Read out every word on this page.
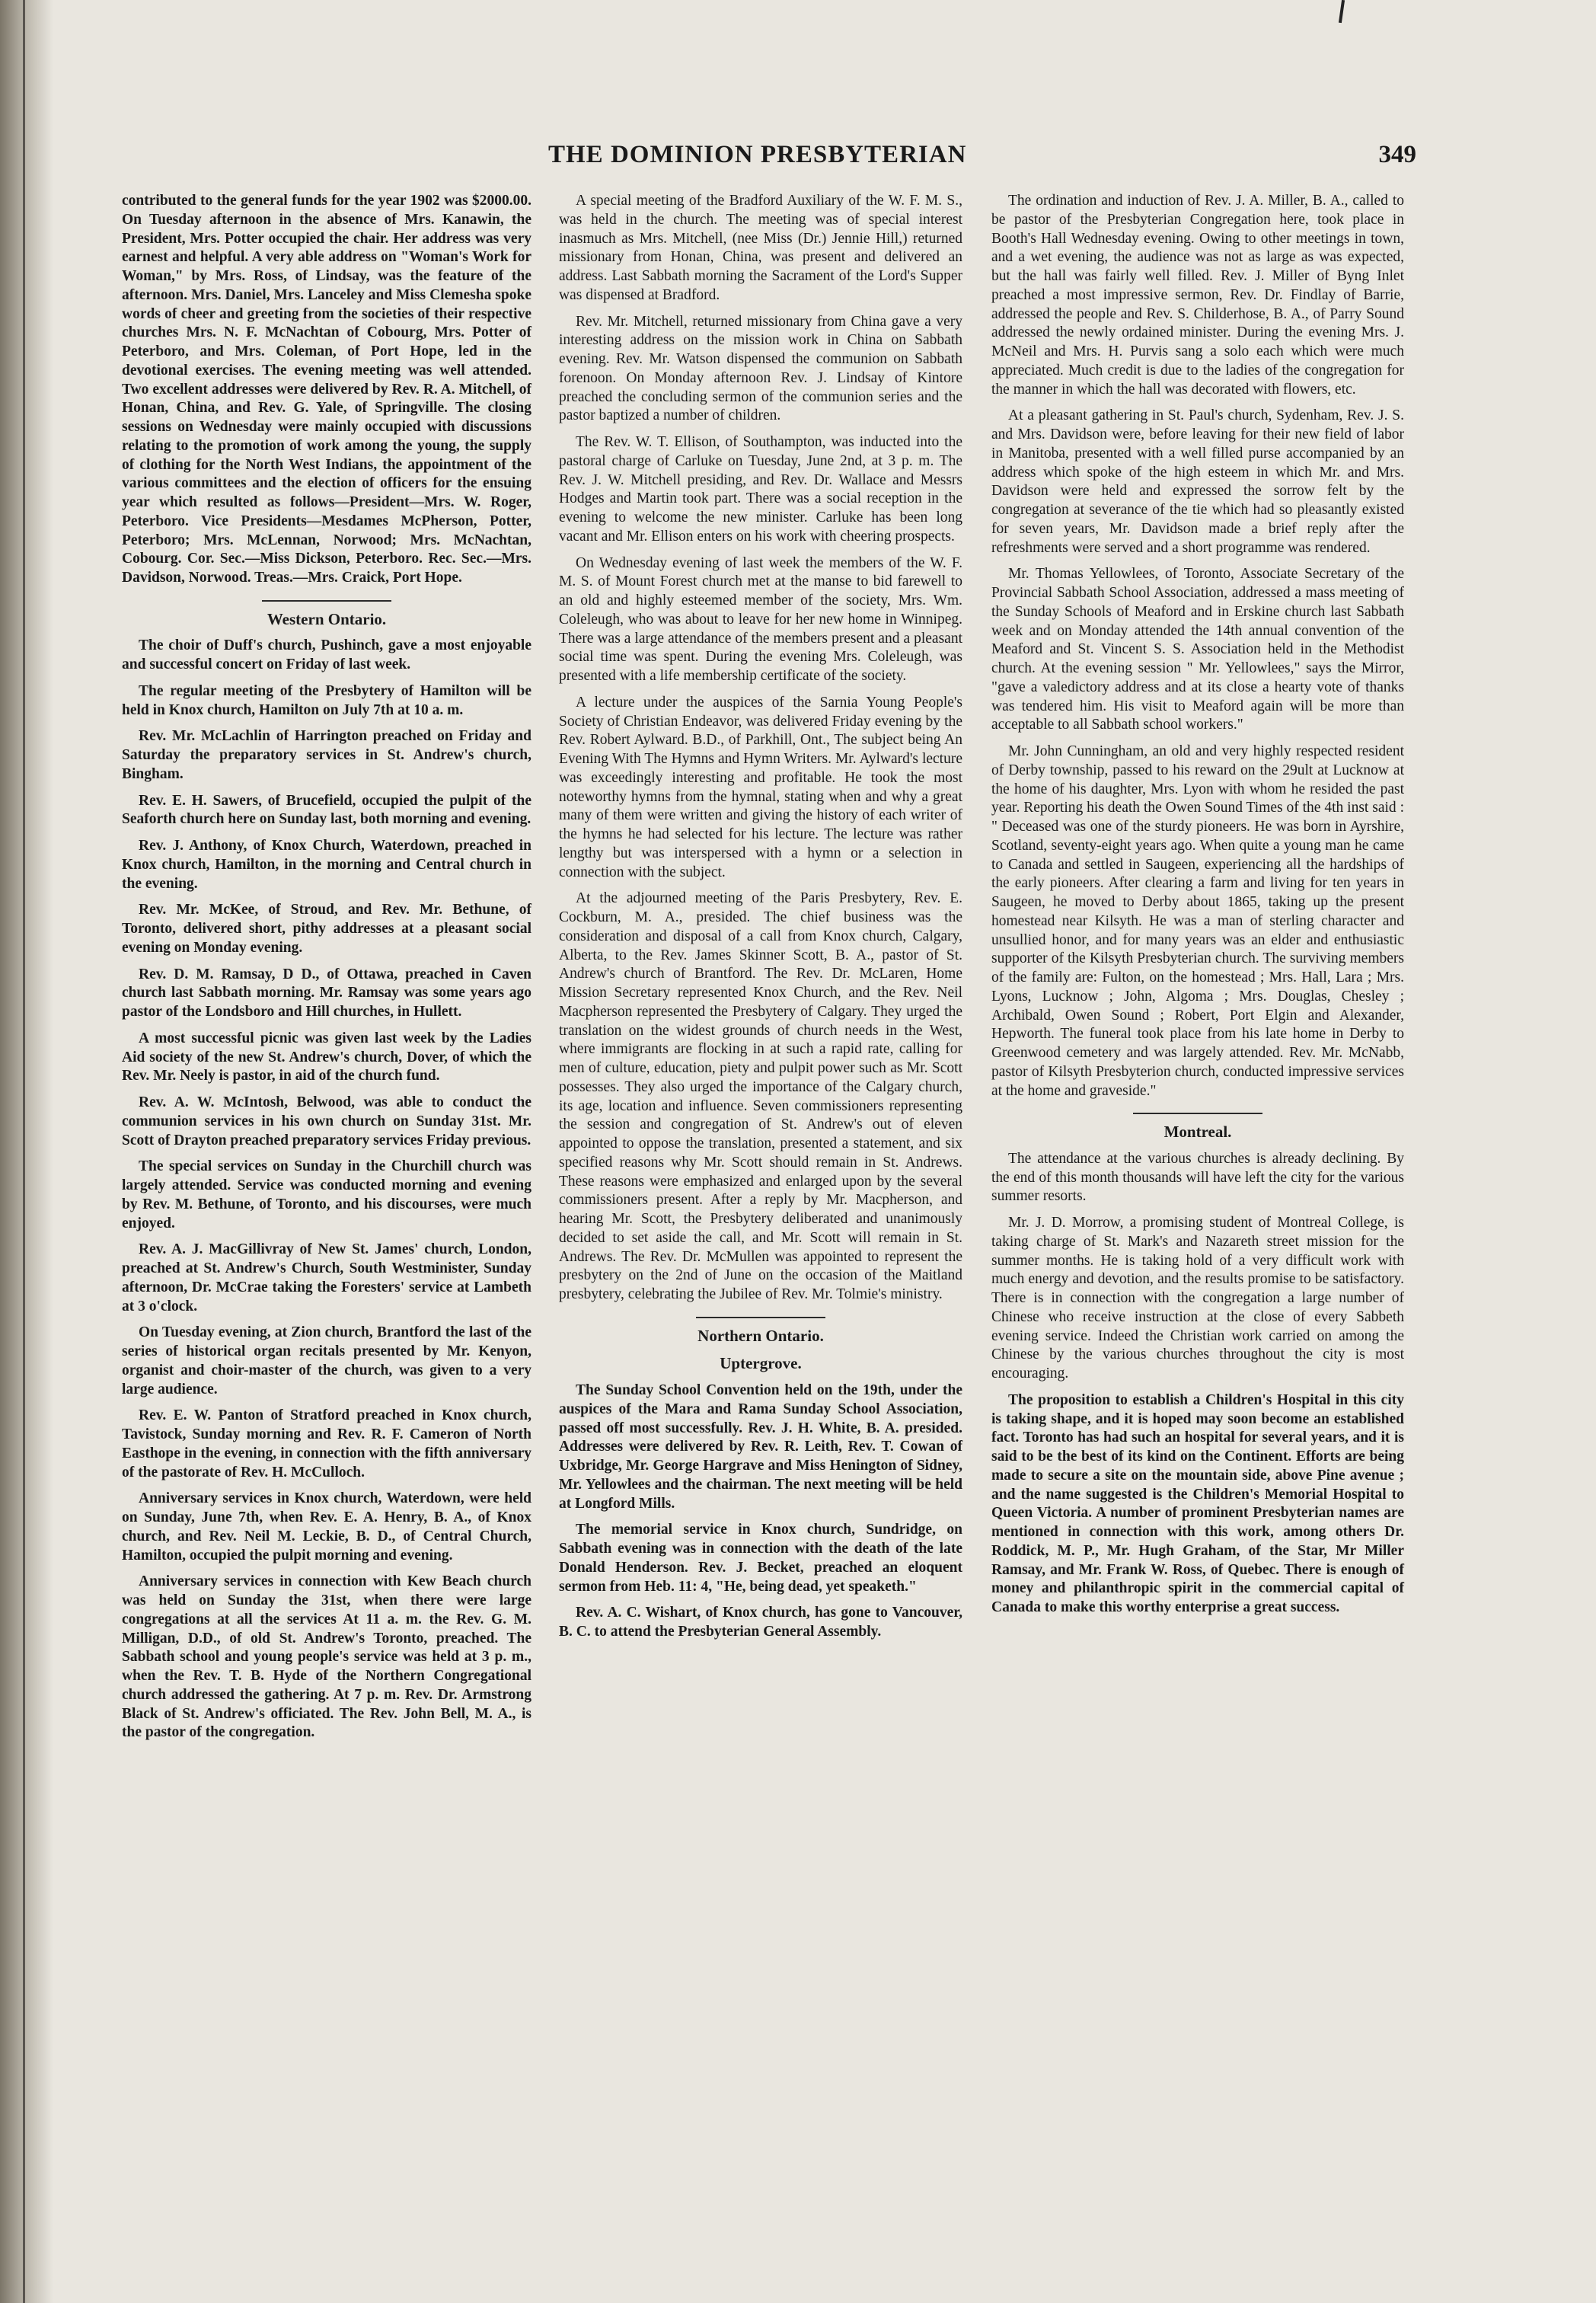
THE DOMINION PRESBYTERIAN	349

contributed to the general funds for the year 1902 was $2000.00. On Tuesday afternoon in the absence of Mrs. Kanawin, the President, Mrs. Potter occupied the chair. Her address was very earnest and helpful. A very able address on "Woman's Work for Woman," by Mrs. Ross, of Lindsay, was the feature of the afternoon. Mrs. Daniel, Mrs. Lanceley and Miss Clemesha spoke words of cheer and greeting from the societies of their respective churches Mrs. N. F. McNachtan of Cobourg, Mrs. Potter of Peterboro, and Mrs. Coleman, of Port Hope, led in the devotional exercises. The evening meeting was well attended. Two excellent addresses were delivered by Rev. R. A. Mitchell, of Honan, China, and Rev. G. Yale, of Springville. The closing sessions on Wednesday were mainly occupied with discussions relating to the promotion of work among the young, the supply of clothing for the North West Indians, the appointment of the various committees and the election of officers for the ensuing year which resulted as follows—President—Mrs. W. Roger, Peterboro. Vice Presidents—Mesdames McPherson, Potter, Peterboro; Mrs. McLennan, Norwood; Mrs. McNachtan, Cobourg. Cor. Sec.—Miss Dickson, Peterboro. Rec. Sec.—Mrs. Davidson, Norwood. Treas.—Mrs. Craick, Port Hope.

Western Ontario.

The choir of Duff's church, Pushinch, gave a most enjoyable and successful concert on Friday of last week.

The regular meeting of the Presbytery of Hamilton will be held in Knox church, Hamilton on July 7th at 10 a. m.

Rev. Mr. McLachlin of Harrington preached on Friday and Saturday the preparatory services in St. Andrew's church, Bingham.

Rev. E. H. Sawers, of Brucefield, occupied the pulpit of the Seaforth church here on Sunday last, both morning and evening.

Rev. J. Anthony, of Knox Church, Waterdown, preached in Knox church, Hamilton, in the morning and Central church in the evening.

Rev. Mr. McKee, of Stroud, and Rev. Mr. Bethune, of Toronto, delivered short, pithy addresses at a pleasant social evening on Monday evening.

Rev. D. M. Ramsay, D D., of Ottawa, preached in Caven church last Sabbath morning. Mr. Ramsay was some years ago pastor of the Londsboro and Hill churches, in Hullett.

A most successful picnic was given last week by the Ladies Aid society of the new St. Andrew's church, Dover, of which the Rev. Mr. Neely is pastor, in aid of the church fund.

Rev. A. W. McIntosh, Belwood, was able to conduct the communion services in his own church on Sunday 31st. Mr. Scott of Drayton preached preparatory services Friday previous.

The special services on Sunday in the Churchill church was largely attended. Service was conducted morning and evening by Rev. M. Bethune, of Toronto, and his discourses, were much enjoyed.

Rev. A. J. MacGillivray of New St. James' church, London, preached at St. Andrew's Church, South Westminister, Sunday afternoon, Dr. McCrae taking the Foresters' service at Lambeth at 3 o'clock.

On Tuesday evening, at Zion church, Brantford the last of the series of historical organ recitals presented by Mr. Kenyon, organist and choir-master of the church, was given to a very large audience.

Rev. E. W. Panton of Stratford preached in Knox church, Tavistock, Sunday morning and Rev. R. F. Cameron of North Easthope in the evening, in connection with the fifth anniversary of the pastorate of Rev. H. McCulloch.

Anniversary services in Knox church, Waterdown, were held on Sunday, June 7th, when Rev. E. A. Henry, B. A., of Knox church, and Rev. Neil M. Leckie, B. D., of Central Church, Hamilton, occupied the pulpit morning and evening.

Anniversary services in connection with Kew Beach church was held on Sunday the 31st, when there were large congregations at all the services At 11 a. m. the Rev. G. M. Milligan, D.D., of old St. Andrew's Toronto, preached. The Sabbath school and young people's service was held at 3 p. m., when the Rev. T. B. Hyde of the Northern Congregational church addressed the gathering. At 7 p. m. Rev. Dr. Armstrong Black of St. Andrew's officiated. The Rev. John Bell, M. A., is the pastor of the congregation.

A special meeting of the Bradford Auxiliary of the W. F. M. S., was held in the church. The meeting was of special interest inasmuch as Mrs. Mitchell, (nee Miss (Dr.) Jennie Hill,) returned missionary from Honan, China, was present and delivered an address. Last Sabbath morning the Sacrament of the Lord's Supper was dispensed at Bradford.

Rev. Mr. Mitchell, returned missionary from China gave a very interesting address on the mission work in China on Sabbath evening. Rev. Mr. Watson dispensed the communion on Sabbath forenoon. On Monday afternoon Rev. J. Lindsay of Kintore preached the concluding sermon of the communion series and the pastor baptized a number of children.

The Rev. W. T. Ellison, of Southampton, was inducted into the pastoral charge of Carluke on Tuesday, June 2nd, at 3 p. m. The Rev. J. W. Mitchell presiding, and Rev. Dr. Wallace and Messrs Hodges and Martin took part. There was a social reception in the evening to welcome the new minister. Carluke has been long vacant and Mr. Ellison enters on his work with cheering prospects.

On Wednesday evening of last week the members of the W. F. M. S. of Mount Forest church met at the manse to bid farewell to an old and highly esteemed member of the society, Mrs. Wm. Coleleugh, who was about to leave for her new home in Winnipeg. There was a large attendance of the members present and a pleasant social time was spent. During the evening Mrs. Coleleugh, was presented with a life membership certificate of the society.

A lecture under the auspices of the Sarnia Young People's Society of Christian Endeavor, was delivered Friday evening by the Rev. Robert Aylward. B.D., of Parkhill, Ont., The subject being An Evening With The Hymns and Hymn Writers. Mr. Aylward's lecture was exceedingly interesting and profitable. He took the most noteworthy hymns from the hymnal, stating when and why a great many of them were written and giving the history of each writer of the hymns he had selected for his lecture. The lecture was rather lengthy but was interspersed with a hymn or a selection in connection with the subject.

At the adjourned meeting of the Paris Presbytery, Rev. E. Cockburn, M. A., presided. The chief business was the consideration and disposal of a call from Knox church, Calgary, Alberta, to the Rev. James Skinner Scott, B. A., pastor of St. Andrew's church of Brantford. The Rev. Dr. McLaren, Home Mission Secretary represented Knox Church, and the Rev. Neil Macpherson represented the Presbytery of Calgary. They urged the translation on the widest grounds of church needs in the West, where immigrants are flocking in at such a rapid rate, calling for men of culture, education, piety and pulpit power such as Mr. Scott possesses. They also urged the importance of the Calgary church, its age, location and influence. Seven commissioners representing the session and congregation of St. Andrew's out of eleven appointed to oppose the translation, presented a statement, and six specified reasons why Mr. Scott should remain in St. Andrews. These reasons were emphasized and enlarged upon by the several commissioners present. After a reply by Mr. Macpherson, and hearing Mr. Scott, the Presbytery deliberated and unanimously decided to set aside the call, and Mr. Scott will remain in St. Andrews. The Rev. Dr. McMullen was appointed to represent the presbytery on the 2nd of June on the occasion of the Maitland presbytery, celebrating the Jubilee of Rev. Mr. Tolmie's ministry.

Northern Ontario.
Uptergrove.

The Sunday School Convention held on the 19th, under the auspices of the Mara and Rama Sunday School Association, passed off most successfully. Rev. J. H. White, B. A. presided. Addresses were delivered by Rev. R. Leith, Rev. T. Cowan of Uxbridge, Mr. George Hargrave and Miss Henington of Sidney, Mr. Yellowlees and the chairman. The next meeting will be held at Longford Mills.

The memorial service in Knox church, Sundridge, on Sabbath evening was in connection with the death of the late Donald Henderson. Rev. J. Becket, preached an eloquent sermon from Heb. 11: 4, "He, being dead, yet speaketh."

Rev. A. C. Wishart, of Knox church, has gone to Vancouver, B. C. to attend the Presbyterian General Assembly.

The ordination and induction of Rev. J. A. Miller, B. A., called to be pastor of the Presbyterian Congregation here, took place in Booth's Hall Wednesday evening. Owing to other meetings in town, and a wet evening, the audience was not as large as was expected, but the hall was fairly well filled. Rev. J. Miller of Byng Inlet preached a most impressive sermon, Rev. Dr. Findlay of Barrie, addressed the people and Rev. S. Childerhose, B. A., of Parry Sound addressed the newly ordained minister. During the evening Mrs. J. McNeil and Mrs. H. Purvis sang a solo each which were much appreciated. Much credit is due to the ladies of the congregation for the manner in which the hall was decorated with flowers, etc.

At a pleasant gathering in St. Paul's church, Sydenham, Rev. J. S. and Mrs. Davidson were, before leaving for their new field of labor in Manitoba, presented with a well filled purse accompanied by an address which spoke of the high esteem in which Mr. and Mrs. Davidson were held and expressed the sorrow felt by the congregation at severance of the tie which had so pleasantly existed for seven years, Mr. Davidson made a brief reply after the refreshments were served and a short programme was rendered.

Mr. Thomas Yellowlees, of Toronto, Associate Secretary of the Provincial Sabbath School Association, addressed a mass meeting of the Sunday Schools of Meaford and in Erskine church last Sabbath week and on Monday attended the 14th annual convention of the Meaford and St. Vincent S. S. Association held in the Methodist church. At the evening session " Mr. Yellowlees," says the Mirror, "gave a valedictory address and at its close a hearty vote of thanks was tendered him. His visit to Meaford again will be more than acceptable to all Sabbath school workers."

Mr. John Cunningham, an old and very highly respected resident of Derby township, passed to his reward on the 29ult at Lucknow at the home of his daughter, Mrs. Lyon with whom he resided the past year. Reporting his death the Owen Sound Times of the 4th inst said : " Deceased was one of the sturdy pioneers. He was born in Ayrshire, Scotland, seventy-eight years ago. When quite a young man he came to Canada and settled in Saugeen, experiencing all the hardships of the early pioneers. After clearing a farm and living for ten years in Saugeen, he moved to Derby about 1865, taking up the present homestead near Kilsyth. He was a man of sterling character and unsullied honor, and for many years was an elder and enthusiastic supporter of the Kilsyth Presbyterian church. The surviving members of the family are: Fulton, on the homestead ; Mrs. Hall, Lara ; Mrs. Lyons, Lucknow ; John, Algoma ; Mrs. Douglas, Chesley ; Archibald, Owen Sound ; Robert, Port Elgin and Alexander, Hepworth. The funeral took place from his late home in Derby to Greenwood cemetery and was largely attended. Rev. Mr. McNabb, pastor of Kilsyth Presbyterion church, conducted impressive services at the home and graveside."

Montreal.

The attendance at the various churches is already declining. By the end of this month thousands will have left the city for the various summer resorts.

Mr. J. D. Morrow, a promising student of Montreal College, is taking charge of St. Mark's and Nazareth street mission for the summer months. He is taking hold of a very difficult work with much energy and devotion, and the results promise to be satisfactory. There is in connection with the congregation a large number of Chinese who receive instruction at the close of every Sabbeth evening service. Indeed the Christian work carried on among the Chinese by the various churches throughout the city is most encouraging.

The proposition to establish a Children's Hospital in this city is taking shape, and it is hoped may soon become an established fact. Toronto has had such an hospital for several years, and it is said to be the best of its kind on the Continent. Efforts are being made to secure a site on the mountain side, above Pine avenue ; and the name suggested is the Children's Memorial Hospital to Queen Victoria. A number of prominent Presbyterian names are mentioned in connection with this work, among others Dr. Roddick, M. P., Mr. Hugh Graham, of the Star, Mr Miller Ramsay, and Mr. Frank W. Ross, of Quebec. There is enough of money and philanthropic spirit in the commercial capital of Canada to make this worthy enterprise a great success.
